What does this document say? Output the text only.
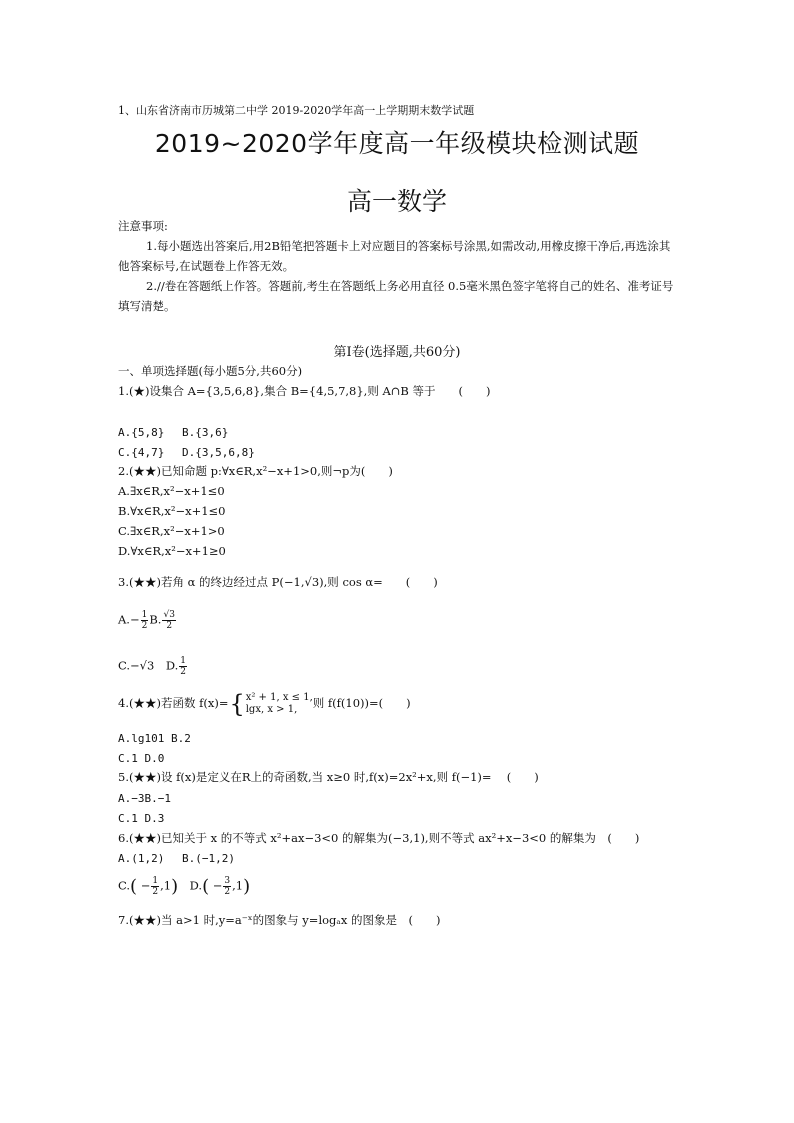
1、山东省济南市历城第二中学 2019-2020学年高一上学期期末数学试题
2019~2020学年度高一年级模块检测试题
高一数学
注意事项:
1.每小题选出答案后,用2B铅笔把答题卡上对应题目的答案标号涂黑,如需改动,用橡皮擦干净后,再选涂其他答案标号,在试题卷上作答无效。
2.//卷在答题纸上作答。答题前,考生在答题纸上务必用直径 0.5毫米黑色签字笔将自己的姓名、准考证号填写清楚。
第Ⅰ卷(选择题,共60分)
一、单项选择题(每小题5分,共60分)
1.(★)设集合 A={3,5,6,8},集合 B={4,5,7,8},则 A∩B 等于　　(　　)
A.{5,8}　 B.{3,6}
C.{4,7}　 D.{3,5,6,8}
2.(★★)已知命题 p:∀x∈R,x²−x+1>0,则¬p为(　　)
A.∃x∈R,x²−x+1≤0
B.∀x∈R,x²−x+1≤0
C.∃x∈R,x²−x+1>0
D.∀x∈R,x²−x+1≥0
3.(★★)若角 α 的终边经过点 P(−1,√3),则 cos α=　　(　　)
$A.- \frac{1}{2} B$. $\frac{√3}{2}$
C.−√3　D. $\frac{1}{2}$
4.(★★)若函数 f(x)={ x² + 1, x ≤ 1,
lgx, x > 1,	则 f(f(10))=(　　)
A.lg101 B.2
C.1 D.0
5.(★★)设 f(x)是定义在R上的奇函数,当 x≥0 时,f(x)=2x²+x,则 f(−1)=　 (　　)
A.−3B.−1
C.1 D.3
6.(★★)已知关于 x 的不等式 x²+ax−3<0 的解集为(−3,1),则不等式 ax²+x−3<0 的解集为　(　　)
A.(1,2)　 B.(−1,2)
$C.( - \frac{1}{2} ,1)$　$D.( - \frac{3}{2} ,1)$
7.(★★)当 a>1 时,y=a⁻ˣ的图象与 y=logₐx 的图象是　(　　)
